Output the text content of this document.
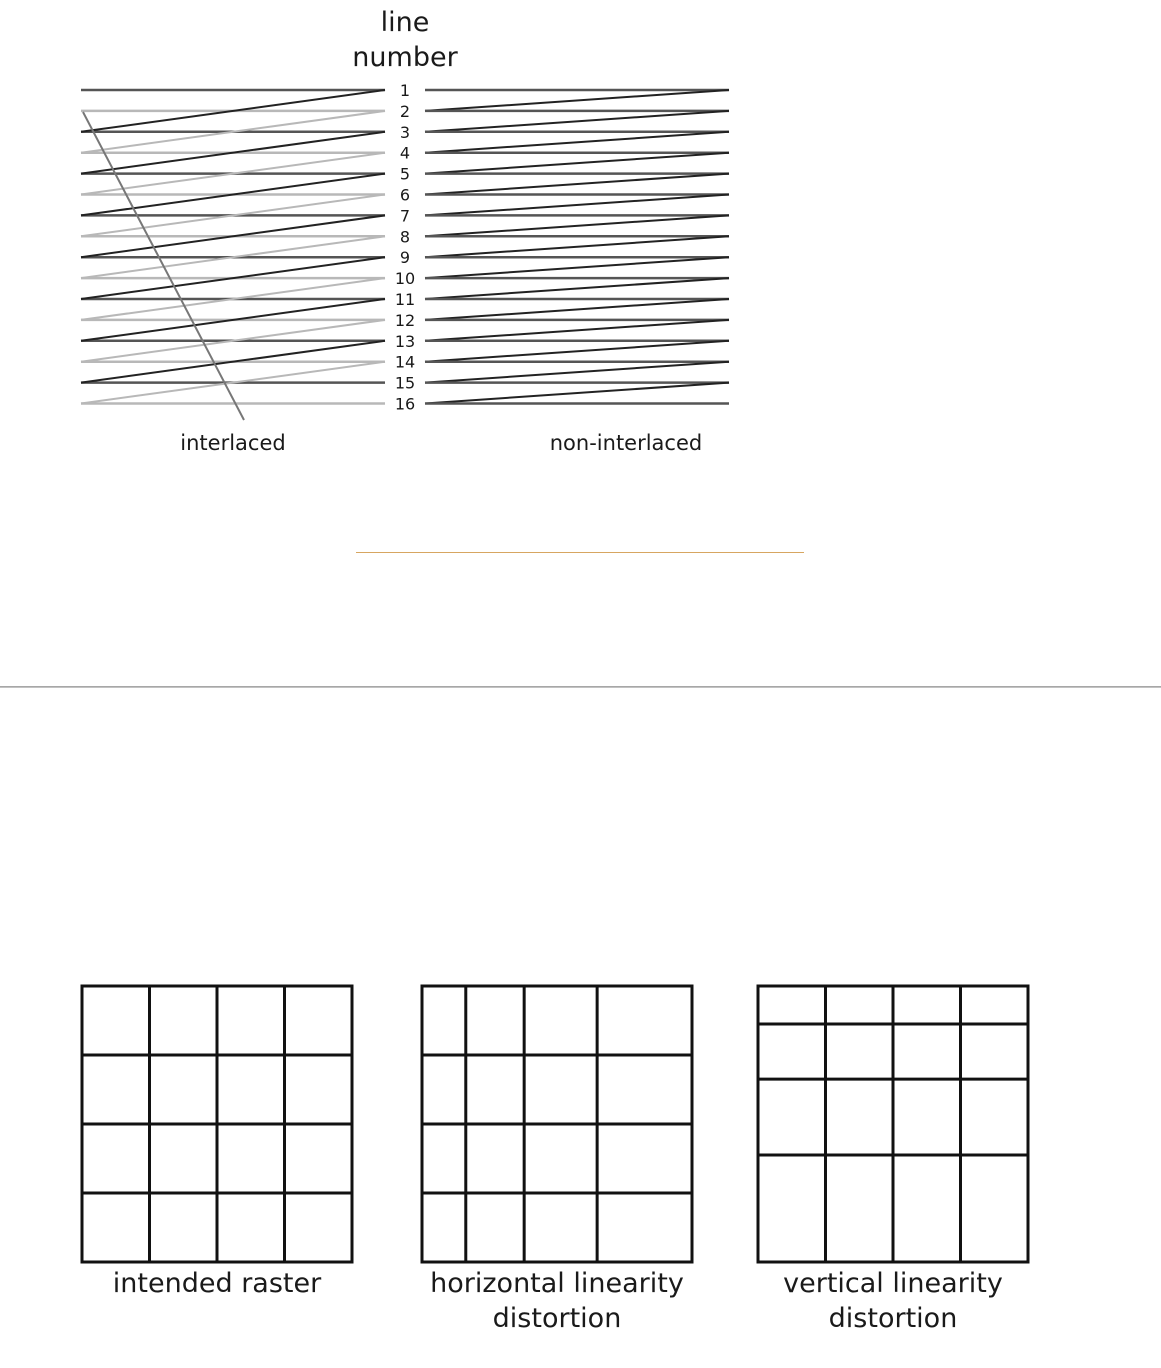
1
2
3
4
5
6
7
8
9
10
11
12
13
14
15
16
line number
interlaced	non-interlaced
intended raster	horizontal linearity
distortion
vertical linearity
distortion
